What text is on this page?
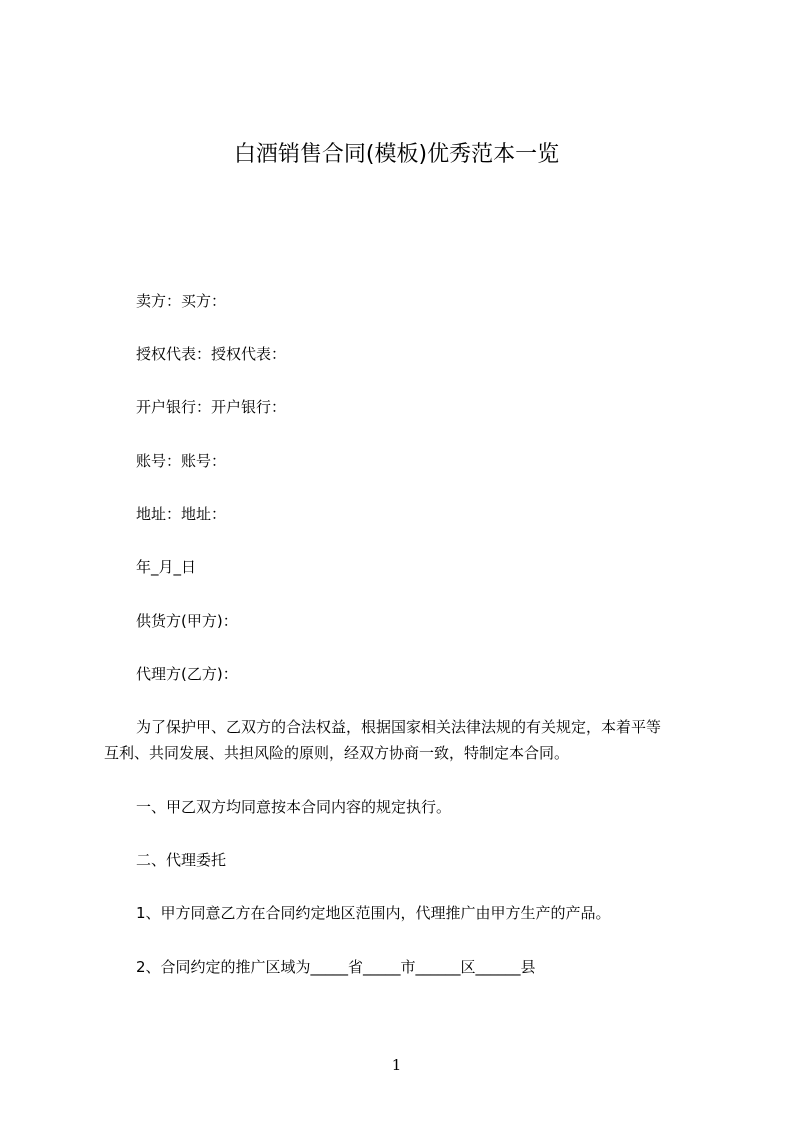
白酒销售合同(模板)优秀范本一览
卖方：买方：
授权代表：授权代表：
开户银行：开户银行：
账号：账号：
地址：地址：
年_月_日
供货方(甲方)：
代理方(乙方)：
为了保护甲、乙双方的合法权益，根据国家相关法律法规的有关规定，本着平等
互利、共同发展、共担风险的原则，经双方协商一致，特制定本合同。
一、甲乙双方均同意按本合同内容的规定执行。
二、代理委托
1、甲方同意乙方在合同约定地区范围内，代理推广由甲方生产的产品。
2、合同约定的推广区域为_____省_____市______区______县
1
